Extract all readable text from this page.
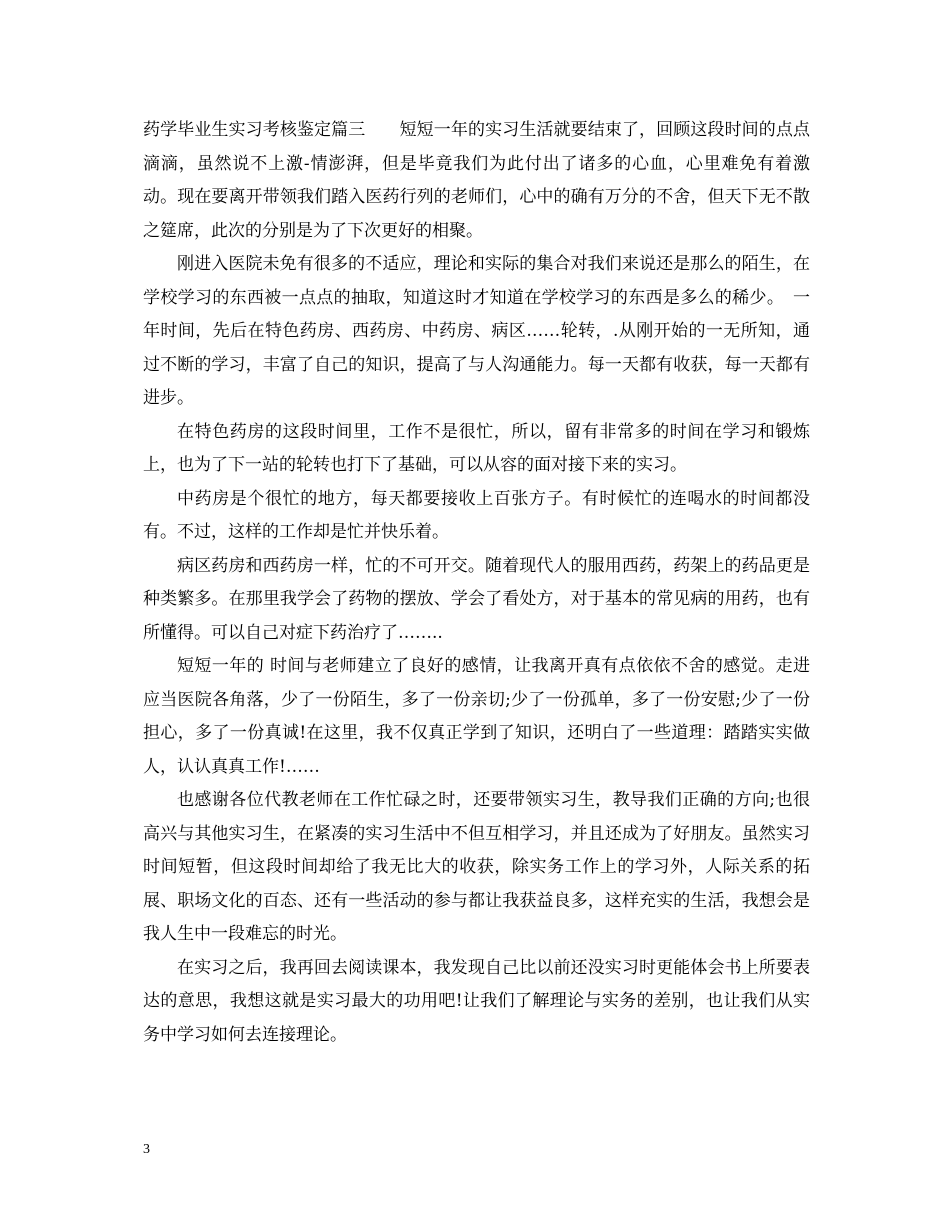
药学毕业生实习考核鉴定篇三　　短短一年的实习生活就要结束了，回顾这段时间的点点滴滴，虽然说不上激-情澎湃，但是毕竟我们为此付出了诸多的心血，心里难免有着激动。现在要离开带领我们踏入医药行列的老师们，心中的确有万分的不舍，但天下无不散之筵席，此次的分别是为了下次更好的相聚。

刚进入医院未免有很多的不适应，理论和实际的集合对我们来说还是那么的陌生，在学校学习的东西被一点点的抽取，知道这时才知道在学校学习的东西是多么的稀少。　一年时间，先后在特色药房、西药房、中药房、病区……轮转，.从刚开始的一无所知，通过不断的学习，丰富了自己的知识，提高了与人沟通能力。每一天都有收获，每一天都有进步。

在特色药房的这段时间里，工作不是很忙，所以，留有非常多的时间在学习和锻炼上，也为了下一站的轮转也打下了基础，可以从容的面对接下来的实习。

中药房是个很忙的地方，每天都要接收上百张方子。有时候忙的连喝水的时间都没有。不过，这样的工作却是忙并快乐着。

病区药房和西药房一样，忙的不可开交。随着现代人的服用西药，药架上的药品更是种类繁多。在那里我学会了药物的摆放、学会了看处方，对于基本的常见病的用药，也有所懂得。可以自己对症下药治疗了……..

短短一年的 时间与老师建立了良好的感情，让我离开真有点依依不舍的感觉。走进应当医院各角落，少了一份陌生，多了一份亲切;少了一份孤单，多了一份安慰;少了一份担心，多了一份真诚!在这里，我不仅真正学到了知识，还明白了一些道理：踏踏实实做人，认认真真工作!……

也感谢各位代教老师在工作忙碌之时，还要带领实习生，教导我们正确的方向;也很高兴与其他实习生，在紧凑的实习生活中不但互相学习，并且还成为了好朋友。虽然实习时间短暂，但这段时间却给了我无比大的收获，除实务工作上的学习外，人际关系的拓展、职场文化的百态、还有一些活动的参与都让我获益良多，这样充实的生活，我想会是我人生中一段难忘的时光。

在实习之后，我再回去阅读课本，我发现自己比以前还没实习时更能体会书上所要表达的意思，我想这就是实习最大的功用吧!让我们了解理论与实务的差别，也让我们从实务中学习如何去连接理论。

3
